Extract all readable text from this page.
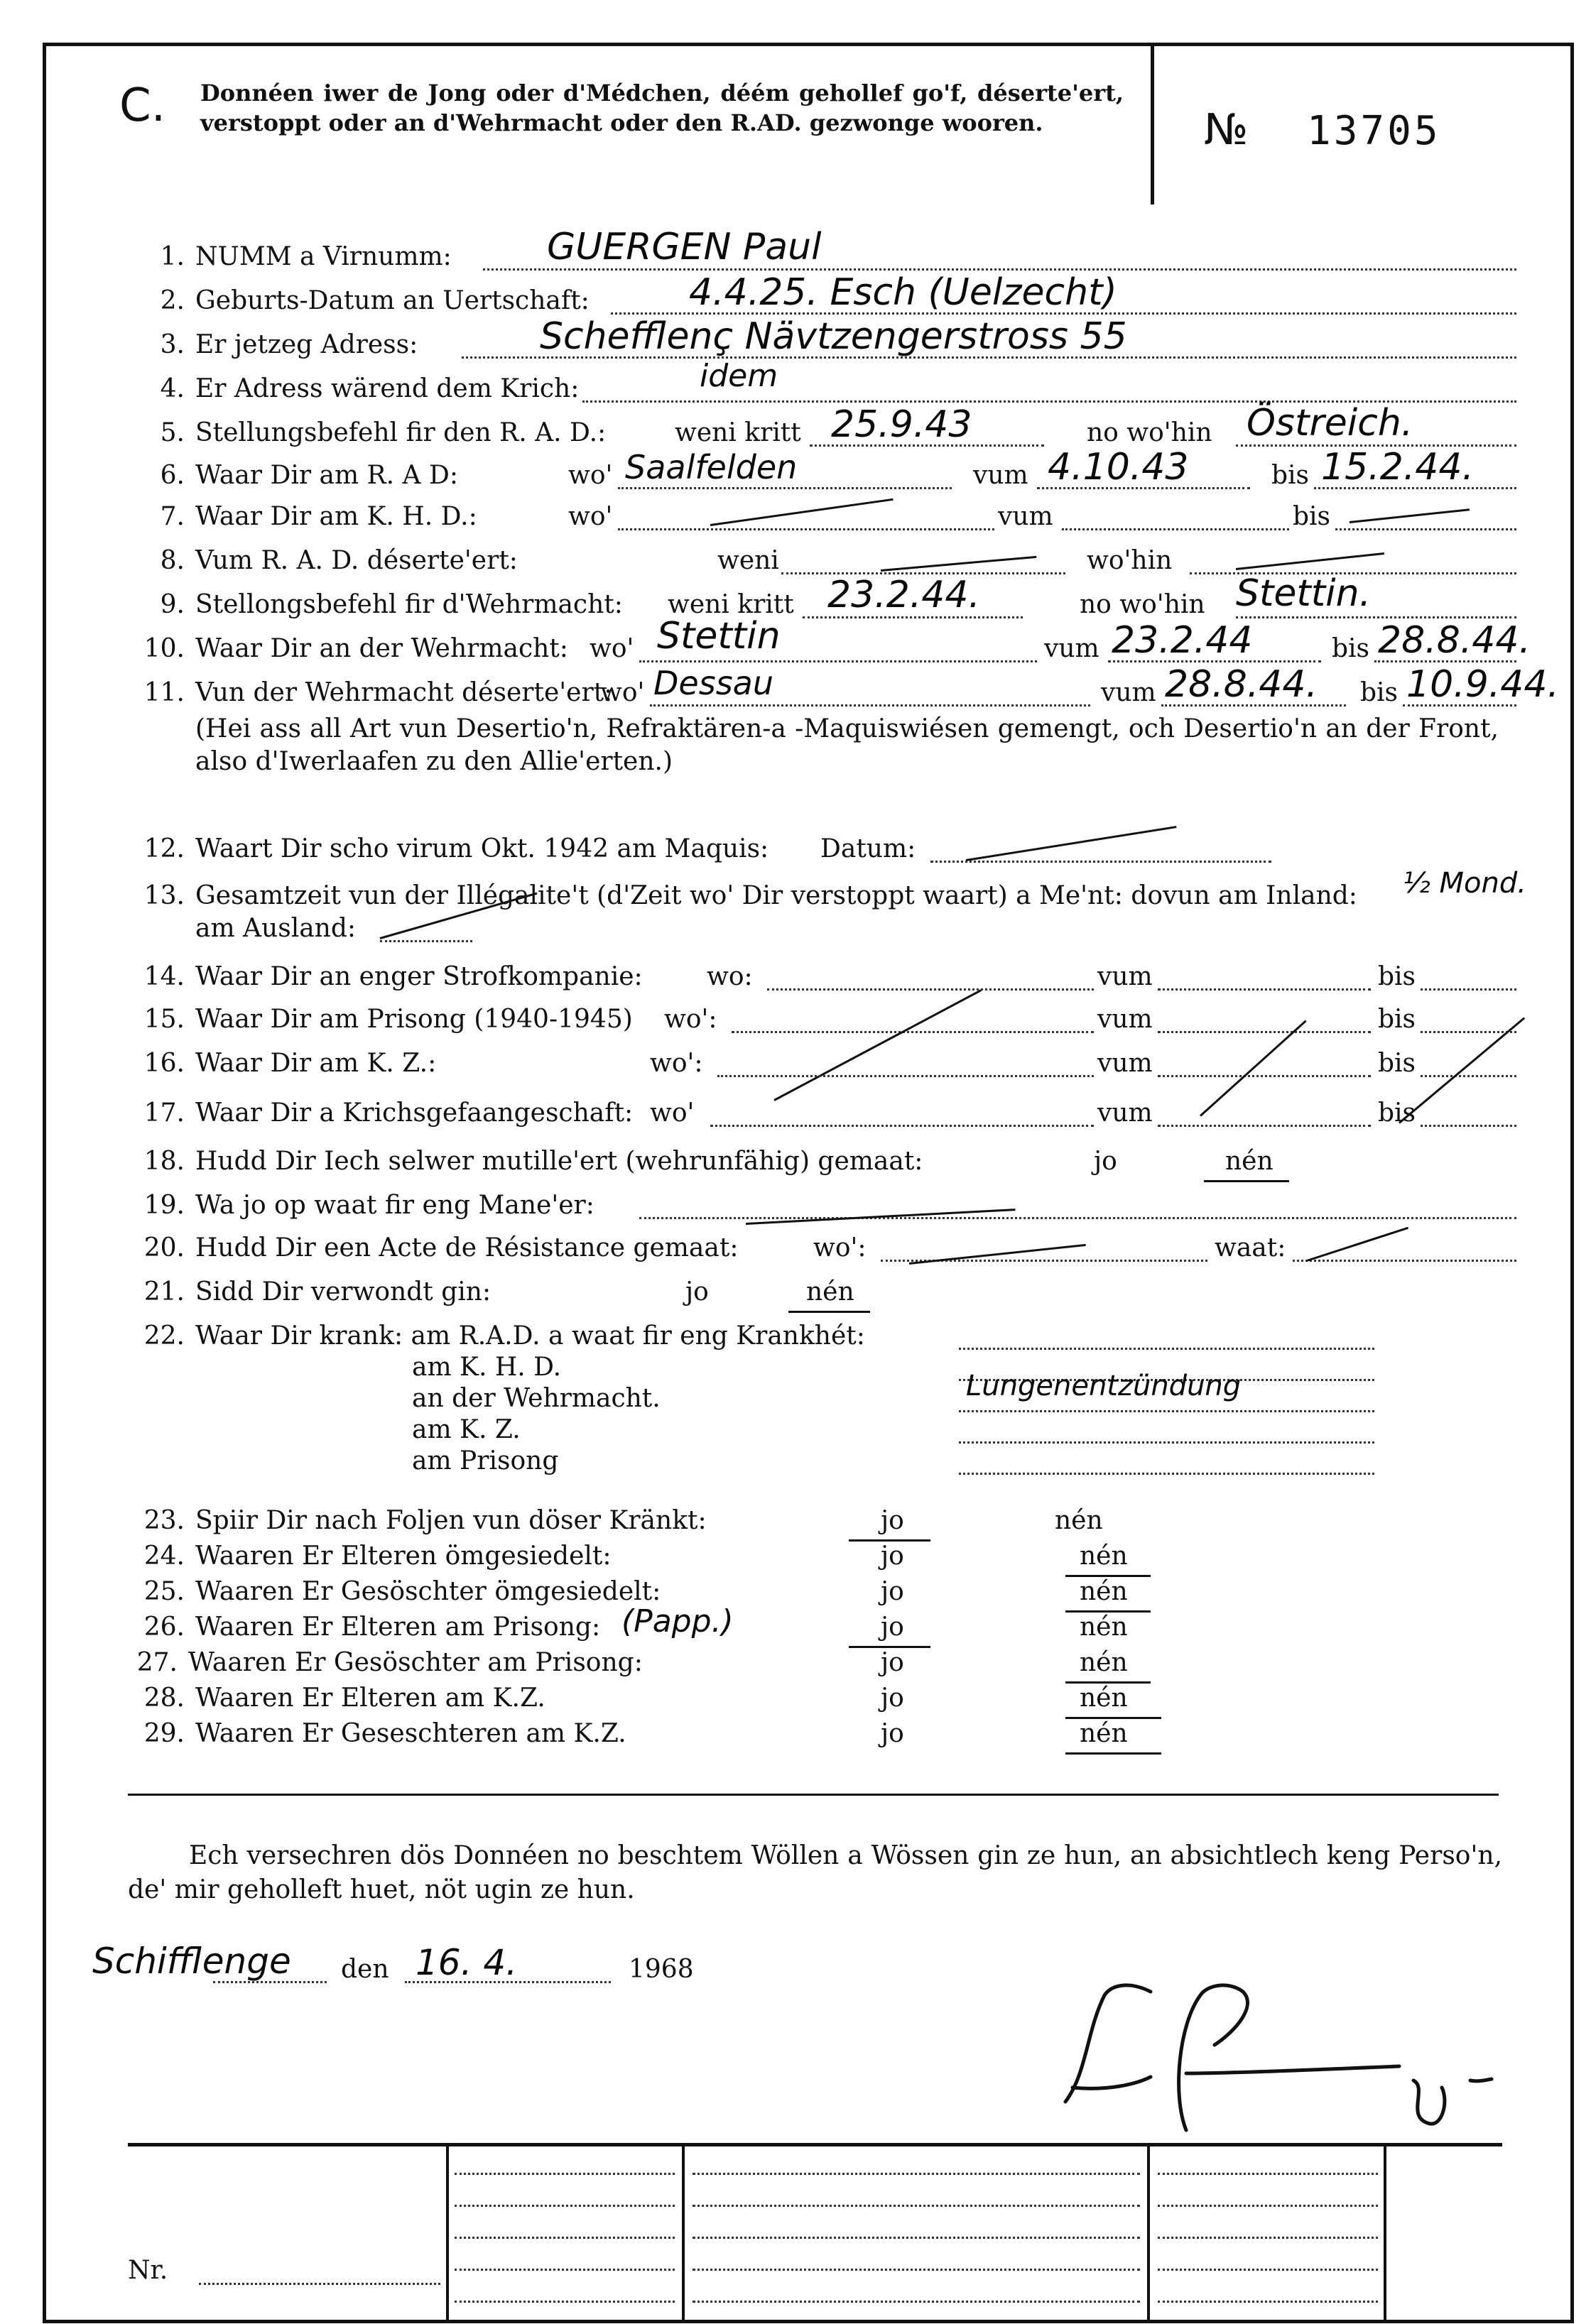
C. Donnéen iwer de Jong oder d'Médchen, déém gehollef go'f, déserte'ert, verstoppt oder an d'Wehrmacht oder den R.AD. gezwonge wooren.	№ 13705
1. NUMM a Virnumm:	GUERGEN Paul
2. Geburts-Datum an Uertschaft:	4.4.25. Esch (Uelzecht)
3. Er jetzeg Adress:	Schefflenç Nävtzengerstross 55
4. Er Adress wärend dem Krich:	idem
5. Stellungsbefehl fir den R. A. D.:	weni kritt 25.9.43	no wo'hin Östreich.
6. Waar Dir am R. A D:	wo' Saalfelden	vum 4.10.43	bis 15.2.44.
7. Waar Dir am K. H. D.:	wo'	vum	bis
8. Vum R. A. D. déserte'ert:	weni	wo'hin
9. Stellongsbefehl fir d'Wehrmacht: weni kritt 23.2.44.	no wo'hin Stettin.
10. Waar Dir an der Wehrmacht: wo' Stettin	vum 23.2.44	bis 28.8.44.
11. Vun der Wehrmacht déserte'ert:
wo' Dessau	vum 28.8.44. bis 10.9.44.
(Hei ass all Art vun Desertio'n, Refraktären-a -Maquiswiésen gemengt, och Desertio'n an der Front, also d'Iwerlaafen zu den Allie'erten.)
12. Waart Dir scho virum Okt. 1942 am Maquis: Datum:
13. Gesamtzeit vun der Illégalite't (d'Zeit wo' Dir verstoppt waart) a Me'nt: dovun am Inland: ½ Mond.
am Ausland:
14. Waar Dir an enger Strofkompanie:	wo:	vum	bis
15. Waar Dir am Prisong (1940-1945) wo':	vum	bis
16. Waar Dir am K. Z.:	wo':	vum	bis
17. Waar Dir a Krichsgefaangeschaft: wo'	vum	bis
18. Hudd Dir Iech selwer mutille'ert (wehrunfähig) gemaat:	jo	nén
19. Wa jo op waat fir eng Mane'er:
20. Hudd Dir een Acte de Résistance gemaat:	wo':	waat:
21. Sidd Dir verwondt gin:	jo	nén
22. Waar Dir krank: am R.A.D. a waat fir eng Krankhét:
am K. H. D.
an der Wehrmacht.	Lungenentzündung
am K. Z.
am Prisong
23. Spiir Dir nach Foljen vun döser Kränkt:	jo	nén
24. Waaren Er Elteren ömgesiedelt:	jo	nén
25. Waaren Er Gesöschter ömgesiedelt:	jo	nén
26. Waaren Er Elteren am Prisong: (Papp.)	jo	nén
27. Waaren Er Gesöschter am Prisong:	jo	nén
28. Waaren Er Elteren am K.Z.	jo	nén
29. Waaren Er Geseschteren am K.Z.	jo	nén
Ech versechren dös Donnéen no beschtem Wöllen a Wössen gin ze hun, an absichtlech keng Perso'n, de' mir geholleft huet, nöt ugin ze hun.
Schifflenge den 16. 4.	1968
Nr.
